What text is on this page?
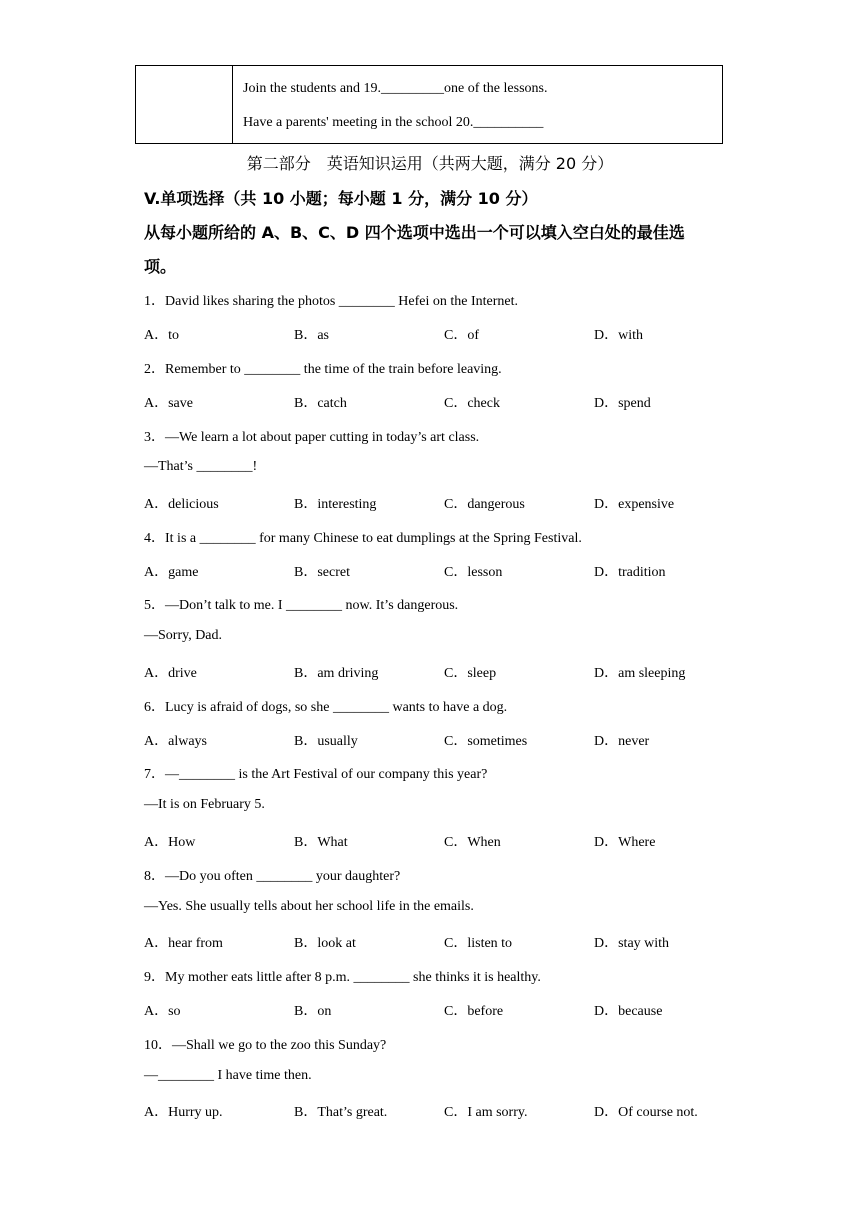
Join the students and 19._________one of the lessons.
Have a parents' meeting in the school 20.__________
第二部分　英语知识运用（共两大题，满分 20 分）
V.单项选择（共 10 小题；每小题 1 分，满分 10 分）
从每小题所给的 A、B、C、D 四个选项中选出一个可以填入空白处的最佳选
项。
1．David likes sharing the photos ________ Hefei on the Internet.
A．to	B．as	C．of	D．with
2．Remember to ________ the time of the train before leaving.
A．save	B．catch	C．check	D．spend
3．—We learn a lot about paper cutting in today’s art class.
—That’s ________!
A．delicious	B．interesting	C．dangerous	D．expensive
4．It is a ________ for many Chinese to eat dumplings at the Spring Festival.
A．game	B．secret	C．lesson	D．tradition
5．—Don’t talk to me. I ________ now. It’s dangerous.
—Sorry, Dad.
A．drive	B．am driving	C．sleep	D．am sleeping
6．Lucy is afraid of dogs, so she ________ wants to have a dog.
A．always	B．usually	C．sometimes	D．never
7．—________ is the Art Festival of our company this year?
—It is on February 5.
A．How	B．What	C．When	D．Where
8．—Do you often ________ your daughter?
—Yes. She usually tells about her school life in the emails.
A．hear from	B．look at	C．listen to	D．stay with
9．My mother eats little after 8 p.m. ________ she thinks it is healthy.
A．so	B．on	C．before	D．because
10．—Shall we go to the zoo this Sunday?
—________ I have time then.
A．Hurry up.	B．That’s great.	C．I am sorry.	D．Of course not.
